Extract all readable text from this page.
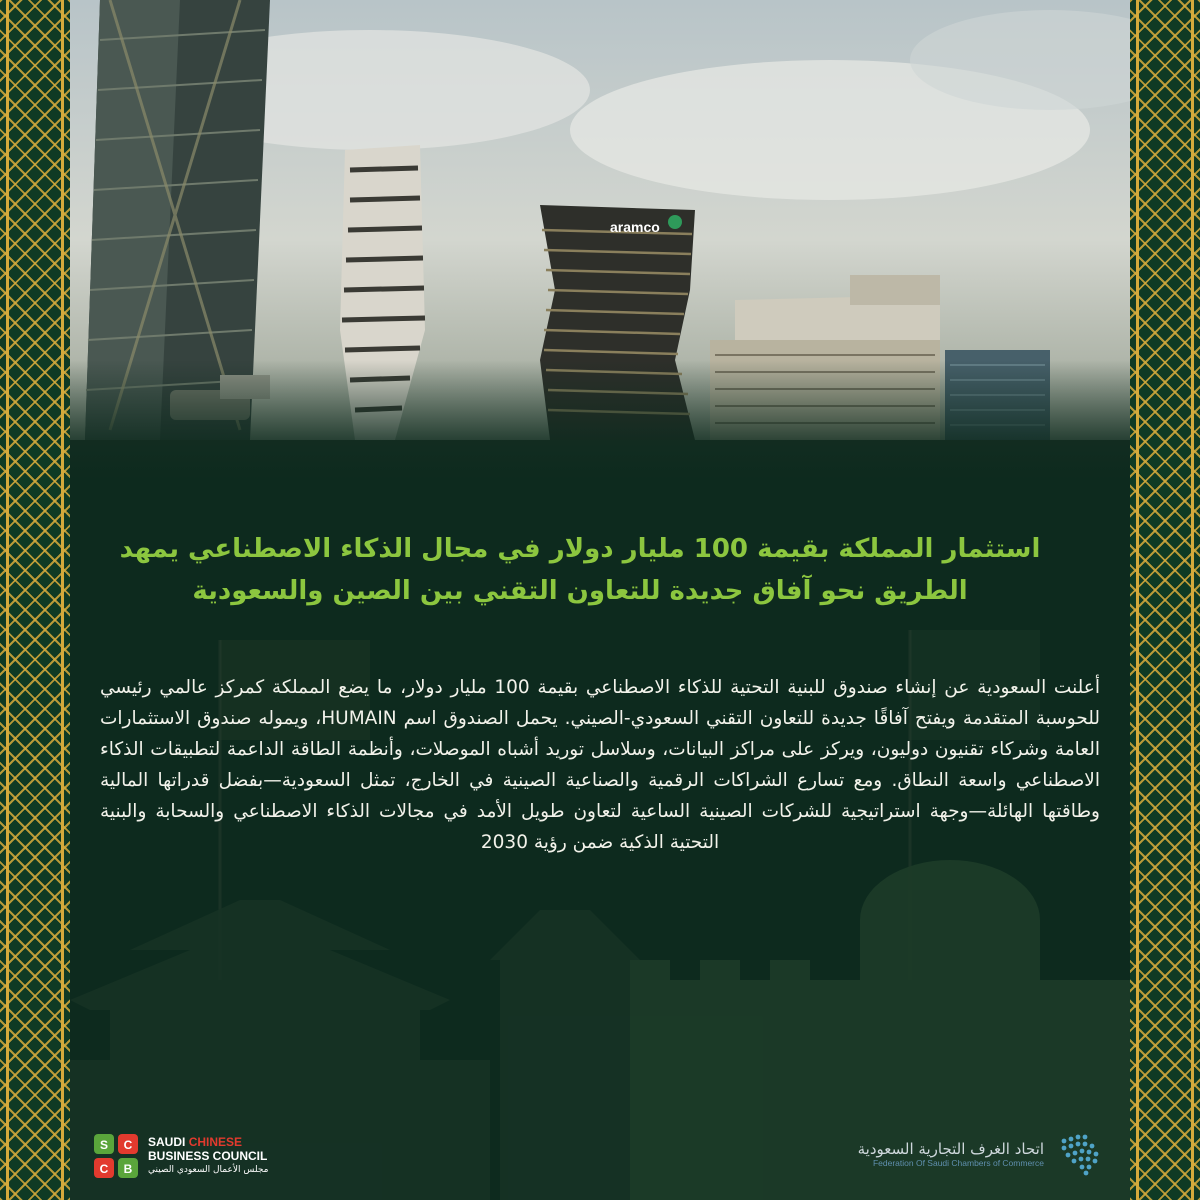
aramco
استثمار المملكة بقيمة 100 مليار دولار في مجال الذكاء الاصطناعي يمهد
الطريق نحو آفاق جديدة للتعاون التقني بين الصين والسعودية

أعلنت السعودية عن إنشاء صندوق للبنية التحتية للذكاء الاصطناعي بقيمة 100 مليار دولار، ما يضع المملكة كمركز عالمي رئيسي للحوسبة المتقدمة ويفتح آفاقًا جديدة للتعاون التقني السعودي-الصيني. يحمل الصندوق اسم HUMAIN، ويموله صندوق الاستثمارات العامة وشركاء تقنيون دوليون، ويركز على مراكز البيانات، وسلاسل توريد أشباه الموصلات، وأنظمة الطاقة الداعمة لتطبيقات الذكاء الاصطناعي واسعة النطاق. ومع تسارع الشراكات الرقمية والصناعية الصينية في الخارج، تمثل السعودية—بفضل قدراتها المالية وطاقتها الهائلة—وجهة استراتيجية للشركات الصينية الساعية لتعاون طويل الأمد في مجالات الذكاء الاصطناعي والسحابة والبنية التحتية الذكية ضمن رؤية 2030

S C
C B
SAUDI CHINESE
BUSINESS COUNCIL
مجلس الأعمال السعودي الصيني
اتحاد الغرف التجارية السعودية
Federation Of Saudi Chambers of Commerce
